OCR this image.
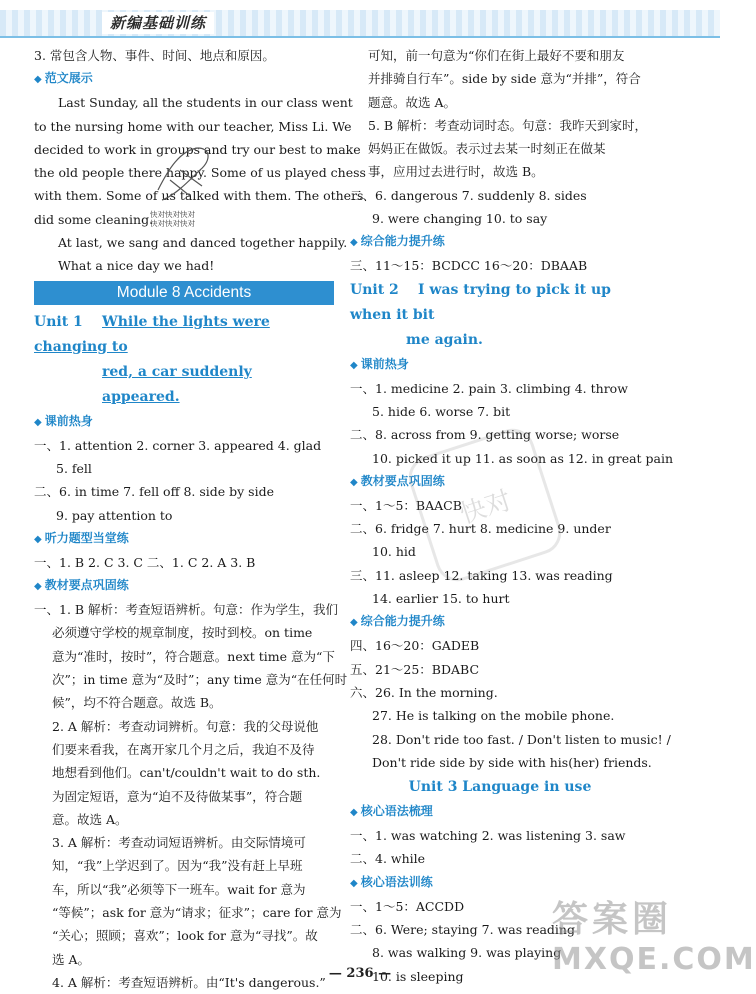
新编基础训练
3. 常包含人物、事件、时间、地点和原因。
◆ 范文展示
Last Sunday, all the students in our class went
to the nursing home with our teacher, Miss Li. We
decided to work in groups and try our best to make
the old people there happy. Some of us played chess
with them. Some of us talked with them. The others
did some cleaning.
At last, we sang and danced together happily.
What a nice day we had!
Module 8 Accidents
Unit 1 While the lights were changing to
red, a car suddenly appeared.
◆ 课前热身
一、1. attention 2. corner 3. appeared 4. glad
5. fell
二、6. in time 7. fell off 8. side by side
9. pay attention to
◆ 听力题型当堂练
一、1. B 2. C 3. C 二、1. C 2. A 3. B
◆ 教材要点巩固练
一、1. B 解析：考查短语辨析。句意：作为学生，我们
必须遵守学校的规章制度，按时到校。on time
意为“准时，按时”，符合题意。next time 意为“下
次”；in time 意为“及时”；any time 意为“在任何时
候”，均不符合题意。故选 B。
2. A 解析：考查动词辨析。句意：我的父母说他
们要来看我，在离开家几个月之后，我迫不及待
地想看到他们。can't/couldn't wait to do sth.
为固定短语，意为“迫不及待做某事”，符合题
意。故选 A。
3. A 解析：考查动词短语辨析。由交际情境可
知，“我”上学迟到了。因为“我”没有赶上早班
车，所以“我”必须等下一班车。wait for 意为
“等候”；ask for 意为“请求；征求”；care for 意为
“关心；照顾；喜欢”；look for 意为“寻找”。故
选 A。
4. A 解析：考查短语辨析。由“It's dangerous.”
可知，前一句意为“你们在街上最好不要和朋友
并排骑自行车”。side by side 意为“并排”，符合
题意。故选 A。
5. B 解析：考查动词时态。句意：我昨天到家时，
妈妈正在做饭。表示过去某一时刻正在做某
事，应用过去进行时，故选 B。
二、6. dangerous 7. suddenly 8. sides
9. were changing 10. to say
◆ 综合能力提升练
三、11～15：BCDCC 16～20：DBAAB
Unit 2 I was trying to pick it up when it bit
me again.
◆ 课前热身
一、1. medicine 2. pain 3. climbing 4. throw
5. hide 6. worse 7. bit
二、8. across from 9. getting worse; worse
10. picked it up 11. as soon as 12. in great pain
◆ 教材要点巩固练
一、1～5：BAACB
二、6. fridge 7. hurt 8. medicine 9. under
10. hid
三、11. asleep 12. taking 13. was reading
14. earlier 15. to hurt
◆ 综合能力提升练
四、16～20：GADEB
五、21～25：BDABC
六、26. In the morning.
27. He is talking on the mobile phone.
28. Don't ride too fast. / Don't listen to music! /
Don't ride side by side with his(her) friends.
Unit 3 Language in use
◆ 核心语法梳理
一、1. was watching 2. was listening 3. saw
二、4. while
◆ 核心语法训练
一、1～5：ACCDD
二、6. Were; staying 7. was reading
8. was walking 9. was playing
10. is sleeping
快对快对快对
快对快对快对
快对
答案圈
MXQE.COM
— 236 —
